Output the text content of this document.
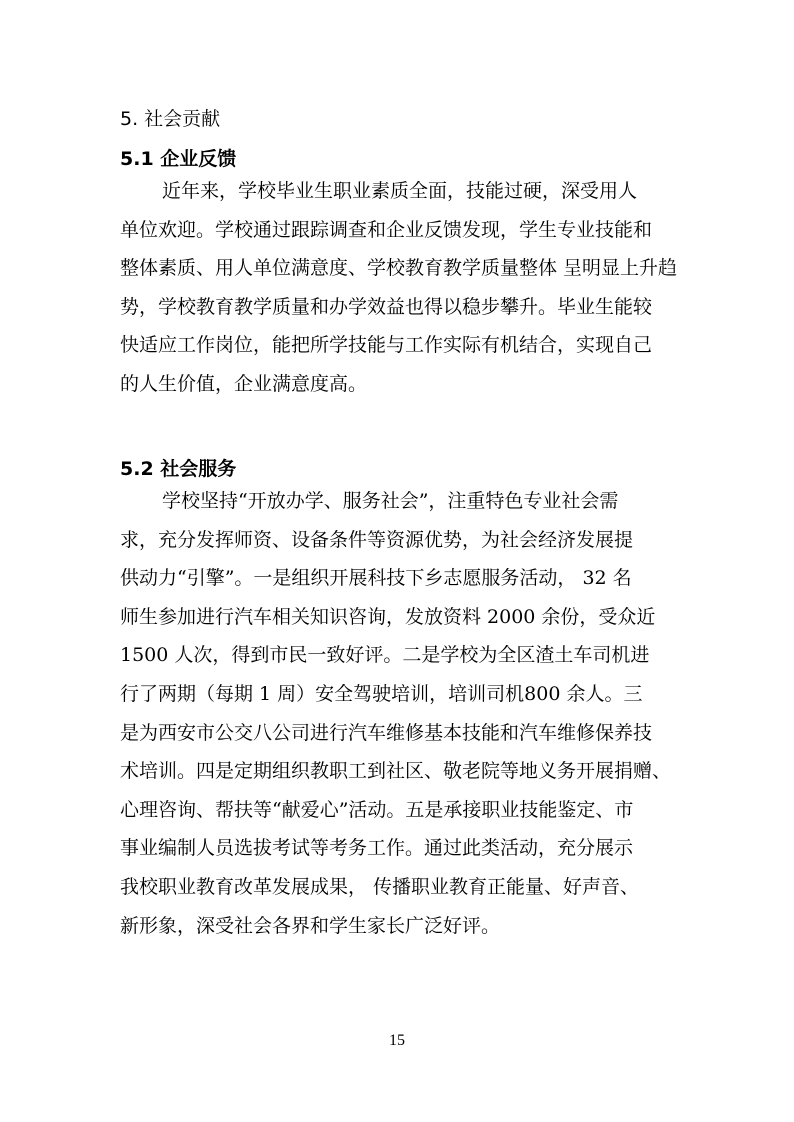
5. 社会贡献
5.1 企业反馈
近年来，学校毕业生职业素质全面，技能过硬，深受用人
单位欢迎。学校通过跟踪调查和企业反馈发现，学生专业技能和
整体素质、用人单位满意度、学校教育教学质量整体 呈明显上升趋
势，学校教育教学质量和办学效益也得以稳步攀升。毕业生能较
快适应工作岗位，能把所学技能与工作实际有机结合，实现自己
的人生价值，企业满意度高。
5.2 社会服务
学校坚持“开放办学、服务社会”，注重特色专业社会需
求，充分发挥师资、设备条件等资源优势，为社会经济发展提
供动力“引擎”。一是组织开展科技下乡志愿服务活动， 32 名
师生参加进行汽车相关知识咨询，发放资料 2000 余份，受众近
1500 人次，得到市民一致好评。二是学校为全区渣土车司机进
行了两期（每期 1 周）安全驾驶培训，培训司机800 余人。三
是为西安市公交八公司进行汽车维修基本技能和汽车维修保养技
术培训。四是定期组织教职工到社区、敬老院等地义务开展捐赠、
心理咨询、帮扶等“献爱心”活动。五是承接职业技能鉴定、市
事业编制人员选拔考试等考务工作。通过此类活动，充分展示
我校职业教育改革发展成果， 传播职业教育正能量、好声音、
新形象，深受社会各界和学生家长广泛好评。
15
